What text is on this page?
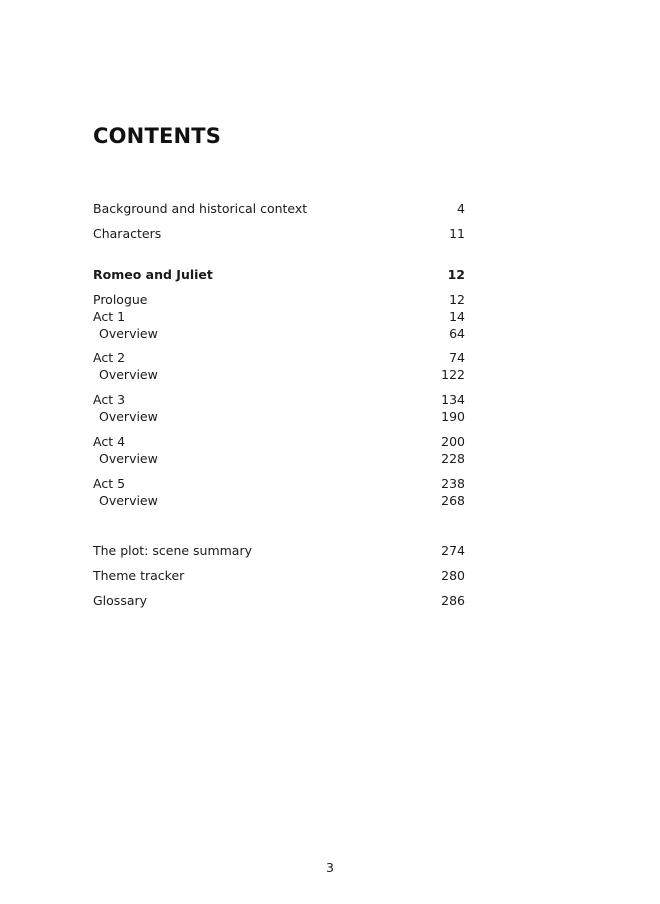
CONTENTS
Background and historical context	4
Characters	11
Romeo and Juliet	12
Prologue	12
Act 1	14
Overview	64
Act 2	74
Overview	122
Act 3	134
Overview	190
Act 4	200
Overview	228
Act 5	238
Overview	268
The plot: scene summary	274
Theme tracker	280
Glossary	286
3
